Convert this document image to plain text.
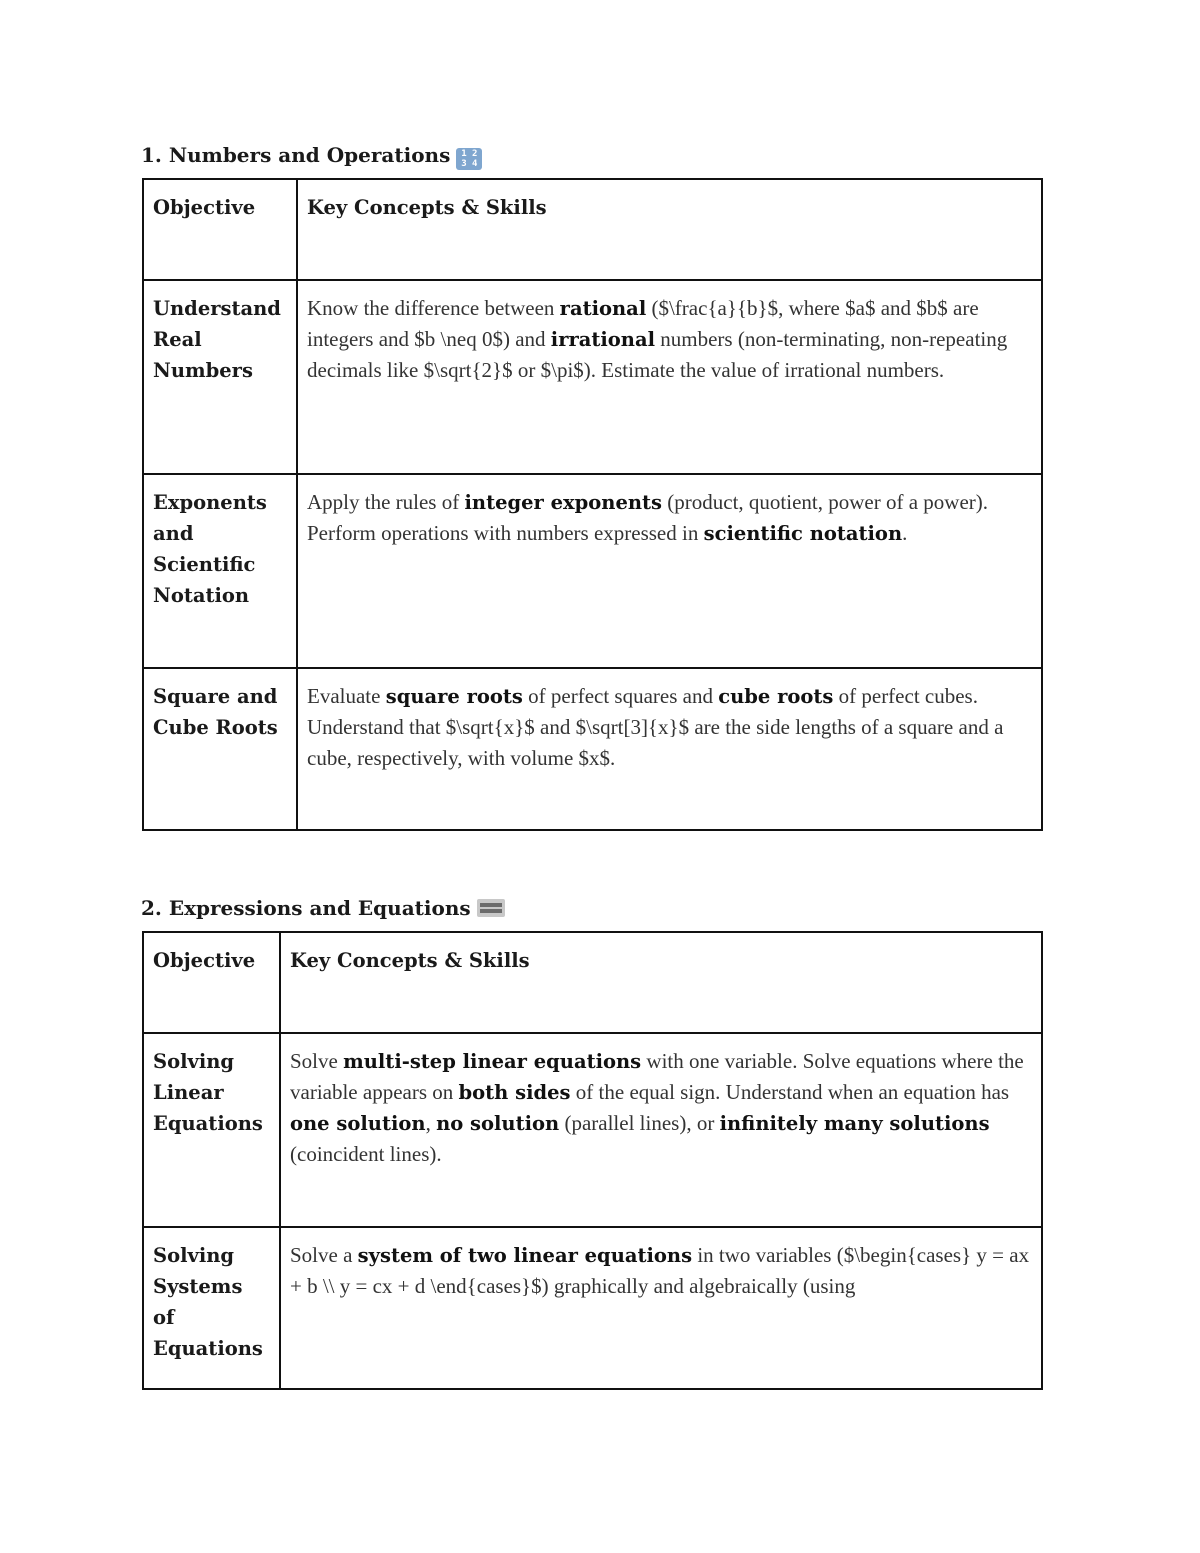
1. Numbers and Operations 1 2
3 4
Objective	Key Concepts & Skills
Understand Real Numbers	Know the difference between rational ($\frac{a}{b}$, where $a$ and $b$ are integers and $b \neq 0$) and irrational numbers (non-terminating, non-repeating decimals like $\sqrt{2}$ or $\pi$). Estimate the value of irrational numbers.
Exponents and Scientific Notation	Apply the rules of integer exponents (product, quotient, power of a power). Perform operations with numbers expressed in scientific notation.
Square and Cube Roots	Evaluate square roots of perfect squares and cube roots of perfect cubes. Understand that $\sqrt{x}$ and $\sqrt[3]{x}$ are the side lengths of a square and a cube, respectively, with volume $x$.
2. Expressions and Equations
Objective	Key Concepts & Skills
Solving Linear Equations	Solve multi-step linear equations with one variable. Solve equations where the variable appears on both sides of the equal sign. Understand when an equation has one solution, no solution (parallel lines), or infinitely many solutions (coincident lines).
Solving Systems of Equations	Solve a system of two linear equations in two variables ($\begin{cases} y = ax + b \\ y = cx + d \end{cases}$) graphically and algebraically (using
